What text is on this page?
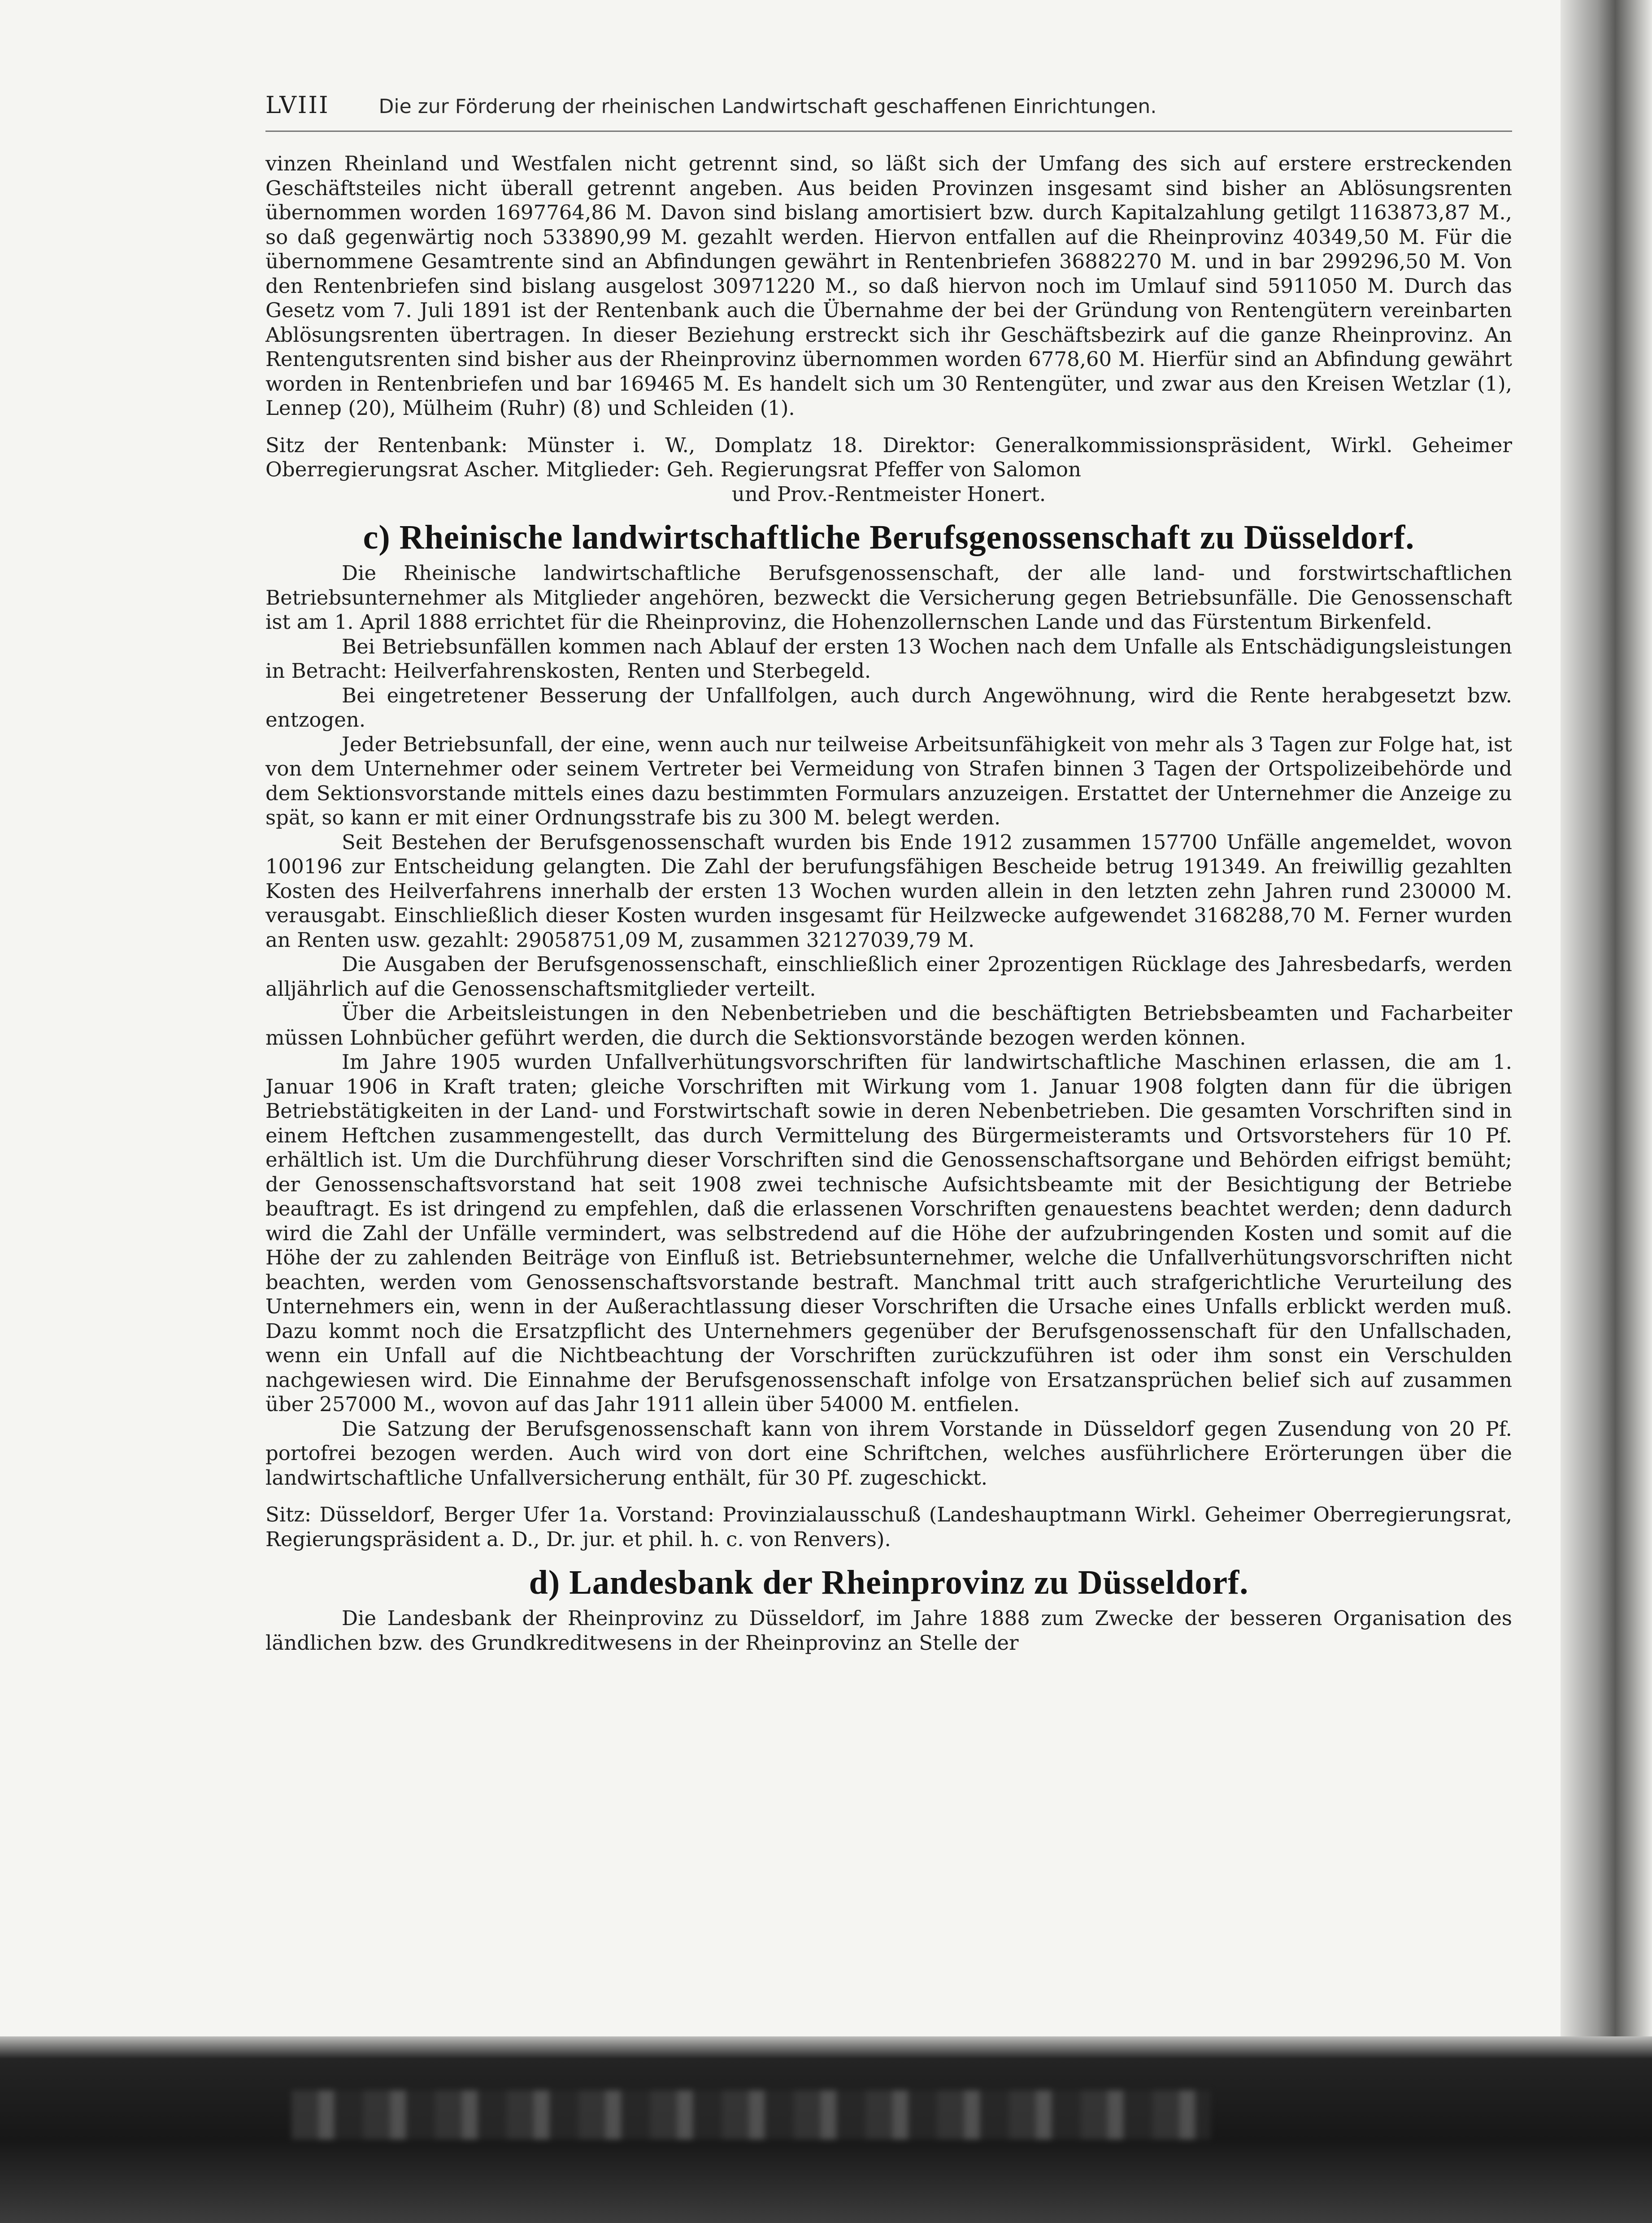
LVIII	Die zur Förderung der rheinischen Landwirtschaft geschaffenen Einrichtungen.

vinzen Rheinland und Westfalen nicht getrennt sind, so läßt sich der Umfang des sich auf erstere erstreckenden Geschäftsteiles nicht überall getrennt angeben. Aus beiden Provinzen insgesamt sind bisher an Ablösungsrenten übernommen worden 1697764,86 M. Davon sind bislang amortisiert bzw. durch Kapitalzahlung getilgt 1163873,87 M., so daß gegenwärtig noch 533890,99 M. gezahlt werden. Hiervon entfallen auf die Rheinprovinz 40349,50 M. Für die übernommene Gesamtrente sind an Abfindungen gewährt in Rentenbriefen 36882270 M. und in bar 299296,50 M. Von den Rentenbriefen sind bislang ausgelost 30971220 M., so daß hiervon noch im Umlauf sind 5911050 M. Durch das Gesetz vom 7. Juli 1891 ist der Rentenbank auch die Übernahme der bei der Gründung von Rentengütern vereinbarten Ablösungsrenten übertragen. In dieser Beziehung erstreckt sich ihr Geschäftsbezirk auf die ganze Rheinprovinz. An Rentengutsrenten sind bisher aus der Rheinprovinz übernommen worden 6778,60 M. Hierfür sind an Abfindung gewährt worden in Rentenbriefen und bar 169465 M. Es handelt sich um 30 Rentengüter, und zwar aus den Kreisen Wetzlar (1), Lennep (20), Mülheim (Ruhr) (8) und Schleiden (1).

Sitz der Rentenbank: Münster i. W., Domplatz 18. Direktor: Generalkommissionspräsident, Wirkl. Geheimer Oberregierungsrat Ascher. Mitglieder: Geh. Regierungsrat Pfeffer von Salomon

und Prov.-Rentmeister Honert.

c) Rheinische landwirtschaftliche Berufsgenossenschaft zu Düsseldorf.

Die Rheinische landwirtschaftliche Berufsgenossenschaft, der alle land- und forstwirtschaftlichen Betriebsunternehmer als Mitglieder angehören, bezweckt die Versicherung gegen Betriebsunfälle. Die Genossenschaft ist am 1. April 1888 errichtet für die Rheinprovinz, die Hohenzollernschen Lande und das Fürstentum Birkenfeld.

Bei Betriebsunfällen kommen nach Ablauf der ersten 13 Wochen nach dem Unfalle als Entschädigungsleistungen in Betracht: Heilverfahrenskosten, Renten und Sterbegeld.

Bei eingetretener Besserung der Unfallfolgen, auch durch Angewöhnung, wird die Rente herabgesetzt bzw. entzogen.

Jeder Betriebsunfall, der eine, wenn auch nur teilweise Arbeitsunfähigkeit von mehr als 3 Tagen zur Folge hat, ist von dem Unternehmer oder seinem Vertreter bei Vermeidung von Strafen binnen 3 Tagen der Ortspolizeibehörde und dem Sektionsvorstande mittels eines dazu bestimmten Formulars anzuzeigen. Erstattet der Unternehmer die Anzeige zu spät, so kann er mit einer Ordnungsstrafe bis zu 300 M. belegt werden.

Seit Bestehen der Berufsgenossenschaft wurden bis Ende 1912 zusammen 157700 Unfälle angemeldet, wovon 100196 zur Entscheidung gelangten. Die Zahl der berufungsfähigen Bescheide betrug 191349. An freiwillig gezahlten Kosten des Heilverfahrens innerhalb der ersten 13 Wochen wurden allein in den letzten zehn Jahren rund 230000 M. verausgabt. Einschließlich dieser Kosten wurden insgesamt für Heilzwecke aufgewendet 3168288,70 M. Ferner wurden an Renten usw. gezahlt: 29058751,09 M, zusammen 32127039,79 M.

Die Ausgaben der Berufsgenossenschaft, einschließlich einer 2prozentigen Rücklage des Jahresbedarfs, werden alljährlich auf die Genossenschaftsmitglieder verteilt.

Über die Arbeitsleistungen in den Nebenbetrieben und die beschäftigten Betriebsbeamten und Facharbeiter müssen Lohnbücher geführt werden, die durch die Sektionsvorstände bezogen werden können.

Im Jahre 1905 wurden Unfallverhütungsvorschriften für landwirtschaftliche Maschinen erlassen, die am 1. Januar 1906 in Kraft traten; gleiche Vorschriften mit Wirkung vom 1. Januar 1908 folgten dann für die übrigen Betriebstätigkeiten in der Land- und Forstwirtschaft sowie in deren Nebenbetrieben. Die gesamten Vorschriften sind in einem Heftchen zusammengestellt, das durch Vermittelung des Bürgermeisteramts und Ortsvorstehers für 10 Pf. erhältlich ist. Um die Durchführung dieser Vorschriften sind die Genossenschaftsorgane und Behörden eifrigst bemüht; der Genossenschaftsvorstand hat seit 1908 zwei technische Aufsichtsbeamte mit der Besichtigung der Betriebe beauftragt. Es ist dringend zu empfehlen, daß die erlassenen Vorschriften genauestens beachtet werden; denn dadurch wird die Zahl der Unfälle vermindert, was selbstredend auf die Höhe der aufzubringenden Kosten und somit auf die Höhe der zu zahlenden Beiträge von Einfluß ist. Betriebsunternehmer, welche die Unfallverhütungsvorschriften nicht beachten, werden vom Genossenschaftsvorstande bestraft. Manchmal tritt auch strafgerichtliche Verurteilung des Unternehmers ein, wenn in der Außerachtlassung dieser Vorschriften die Ursache eines Unfalls erblickt werden muß. Dazu kommt noch die Ersatzpflicht des Unternehmers gegenüber der Berufsgenossenschaft für den Unfallschaden, wenn ein Unfall auf die Nichtbeachtung der Vorschriften zurückzuführen ist oder ihm sonst ein Verschulden nachgewiesen wird. Die Einnahme der Berufsgenossenschaft infolge von Ersatzansprüchen belief sich auf zusammen über 257000 M., wovon auf das Jahr 1911 allein über 54000 M. entfielen.

Die Satzung der Berufsgenossenschaft kann von ihrem Vorstande in Düsseldorf gegen Zusendung von 20 Pf. portofrei bezogen werden. Auch wird von dort eine Schriftchen, welches ausführlichere Erörterungen über die landwirtschaftliche Unfallversicherung enthält, für 30 Pf. zugeschickt.

Sitz: Düsseldorf, Berger Ufer 1a. Vorstand: Provinzialausschuß (Landeshauptmann Wirkl. Geheimer Oberregierungsrat, Regierungspräsident a. D., Dr. jur. et phil. h. c. von Renvers).

d) Landesbank der Rheinprovinz zu Düsseldorf.

Die Landesbank der Rheinprovinz zu Düsseldorf, im Jahre 1888 zum Zwecke der besseren Organisation des ländlichen bzw. des Grundkreditwesens in der Rheinprovinz an Stelle der
